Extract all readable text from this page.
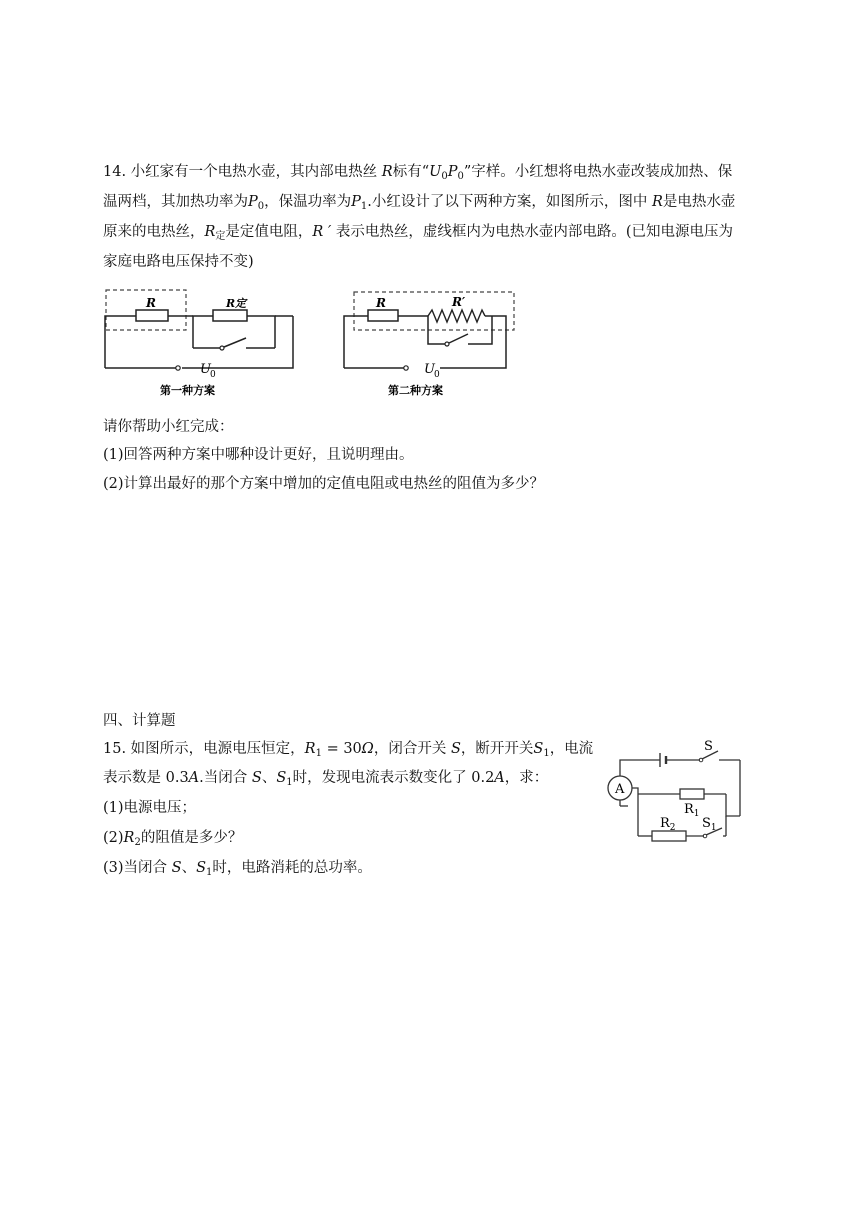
14. 小红家有一个电热水壶，其内部电热丝 R标有“$U_0P_0$”字样。小红想将电热水壶改装成加热、保
温两档，其加热功率为$P_0$，保温功率为$P_1$.小红设计了以下两种方案，如图所示，图中 R是电热水壶
原来的电热丝，$R_定$是定值电阻，R ′ 表示电热丝，虚线框内为电热水壶内部电路。(已知电源电压为
家庭电路电压保持不变)
R	R定
U 0
第一种方案
R	R′
U 0
第二种方案
请你帮助小红完成：
(1)回答两种方案中哪种设计更好，且说明理由。
(2)计算出最好的那个方案中增加的定值电阻或电热丝的阻值为多少？
四、计算题
15. 如图所示，电源电压恒定，$R_1 = 30\Omega$，闭合开关 S，断开开关$S_1$，电流
表示数是 0.3A.当闭合 S、$S_1$时，发现电流表示数变化了 0.2A，求：
(1)电源电压；
$(2)R_2$的阻值是多少？
(3)当闭合 S、$S_1$时，电路消耗的总功率。
S
A
$R_1$
$R_2$ $S_1$
